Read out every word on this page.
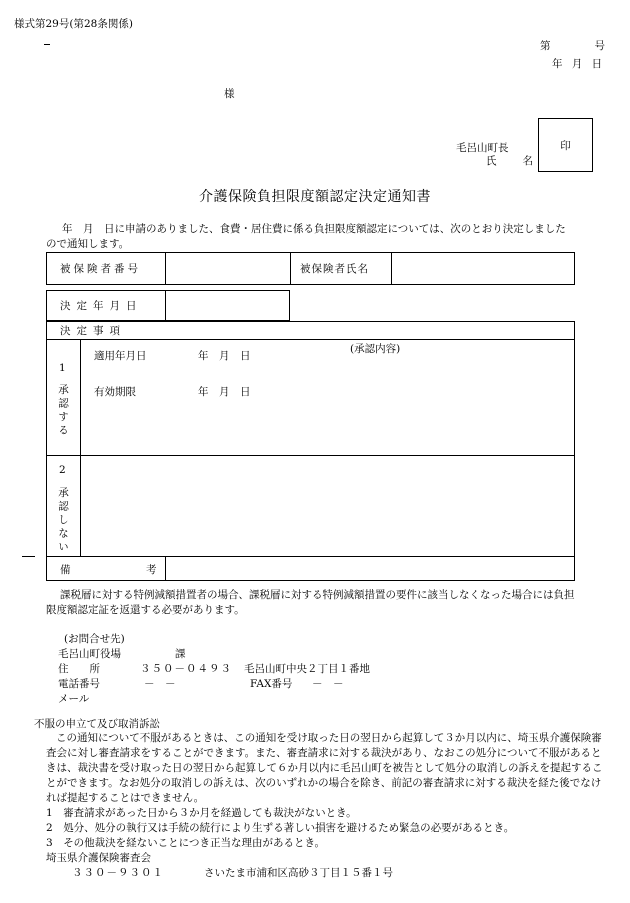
様式第29号(第28条関係)
第	号
年 月 日
様
毛呂山町長
氏 名
印
介護保険負担限度額認定決定通知書
年　月　日に申請のありました、食費・居住費に係る負担限度額認定については、次のとおり決定しましたので通知します。
被保険者番号	被保険者氏名
決定年月日
決定事項
1
承認する
適用年月日	年　月　日
(承認内容)
有効期限	年　月　日
2
承認しない
備	考
課税層に対する特例減額措置者の場合、課税層に対する特例減額措置の要件に該当しなくなった場合には負担限度額認定証を返還する必要があります。
(お問合せ先)
毛呂山町役場	課
住　　所	３５０－０４９３ 毛呂山町中央２丁目１番地
電話番号	－　－	FAX番号 －　－
メール
不服の申立て及び取消訴訟
この通知について不服があるときは、この通知を受け取った日の翌日から起算して３か月以内に、埼玉県介護保険審査会に対し審査請求をすることができます。また、審査請求に対する裁決があり、なおこの処分について不服があるときは、裁決書を受け取った日の翌日から起算して６か月以内に毛呂山町を被告として処分の取消しの訴えを提起することができます。なお処分の取消しの訴えは、次のいずれかの場合を除き、前記の審査請求に対する裁決を経た後でなければ提起することはできません。
1　 審査請求があった日から３か月を経過しても裁決がないとき。
2　 処分、処分の執行又は手続の続行により生ずる著しい損害を避けるため緊急の必要があるとき。
3　 その他裁決を経ないことにつき正当な理由があるとき。
埼玉県介護保険審査会
３３０－９３０１	さいたま市浦和区高砂３丁目１５番１号
